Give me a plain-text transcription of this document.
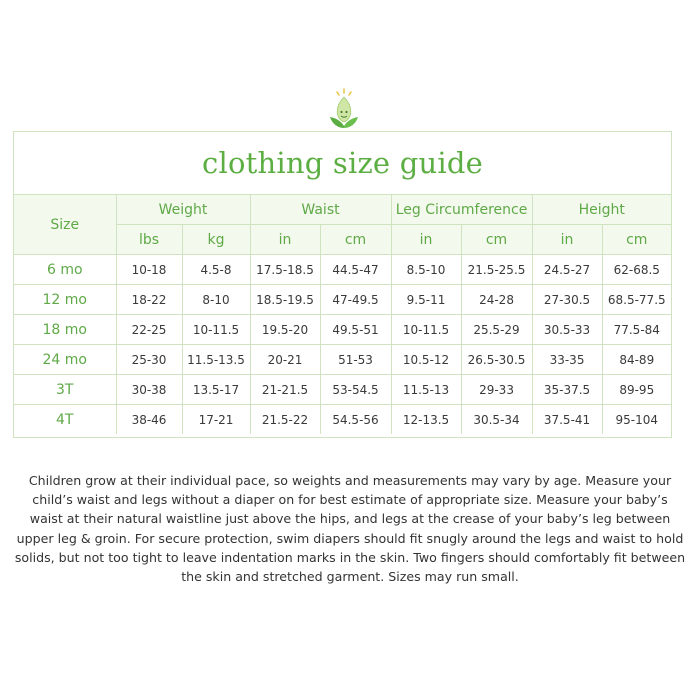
clothing size guide
Size	Weight		Waist		Leg Circumference		Height	
	lbs	kg	in	cm	in	cm	in	cm
6 mo	10-18	4.5-8	17.5-18.5	44.5-47	8.5-10	21.5-25.5	24.5-27	62-68.5
12 mo	18-22	8-10	18.5-19.5	47-49.5	9.5-11	24-28	27-30.5	68.5-77.5
18 mo	22-25	10-11.5	19.5-20	49.5-51	10-11.5	25.5-29	30.5-33	77.5-84
24 mo	25-30	11.5-13.5	20-21	51-53	10.5-12	26.5-30.5	33-35	84-89
3T	30-38	13.5-17	21-21.5	53-54.5	11.5-13	29-33	35-37.5	89-95
4T	38-46	17-21	21.5-22	54.5-56	12-13.5	30.5-34	37.5-41	95-104

Children grow at their individual pace, so weights and measurements may vary by age. Measure your child’s waist and legs without a diaper on for best estimate of appropriate size. Measure your baby’s waist at their natural waistline just above the hips, and legs at the crease of your baby’s leg between upper leg & groin. For secure protection, swim diapers should fit snugly around the legs and waist to hold solids, but not too tight to leave indentation marks in the skin. Two fingers should comfortably fit between the skin and stretched garment. Sizes may run small.
